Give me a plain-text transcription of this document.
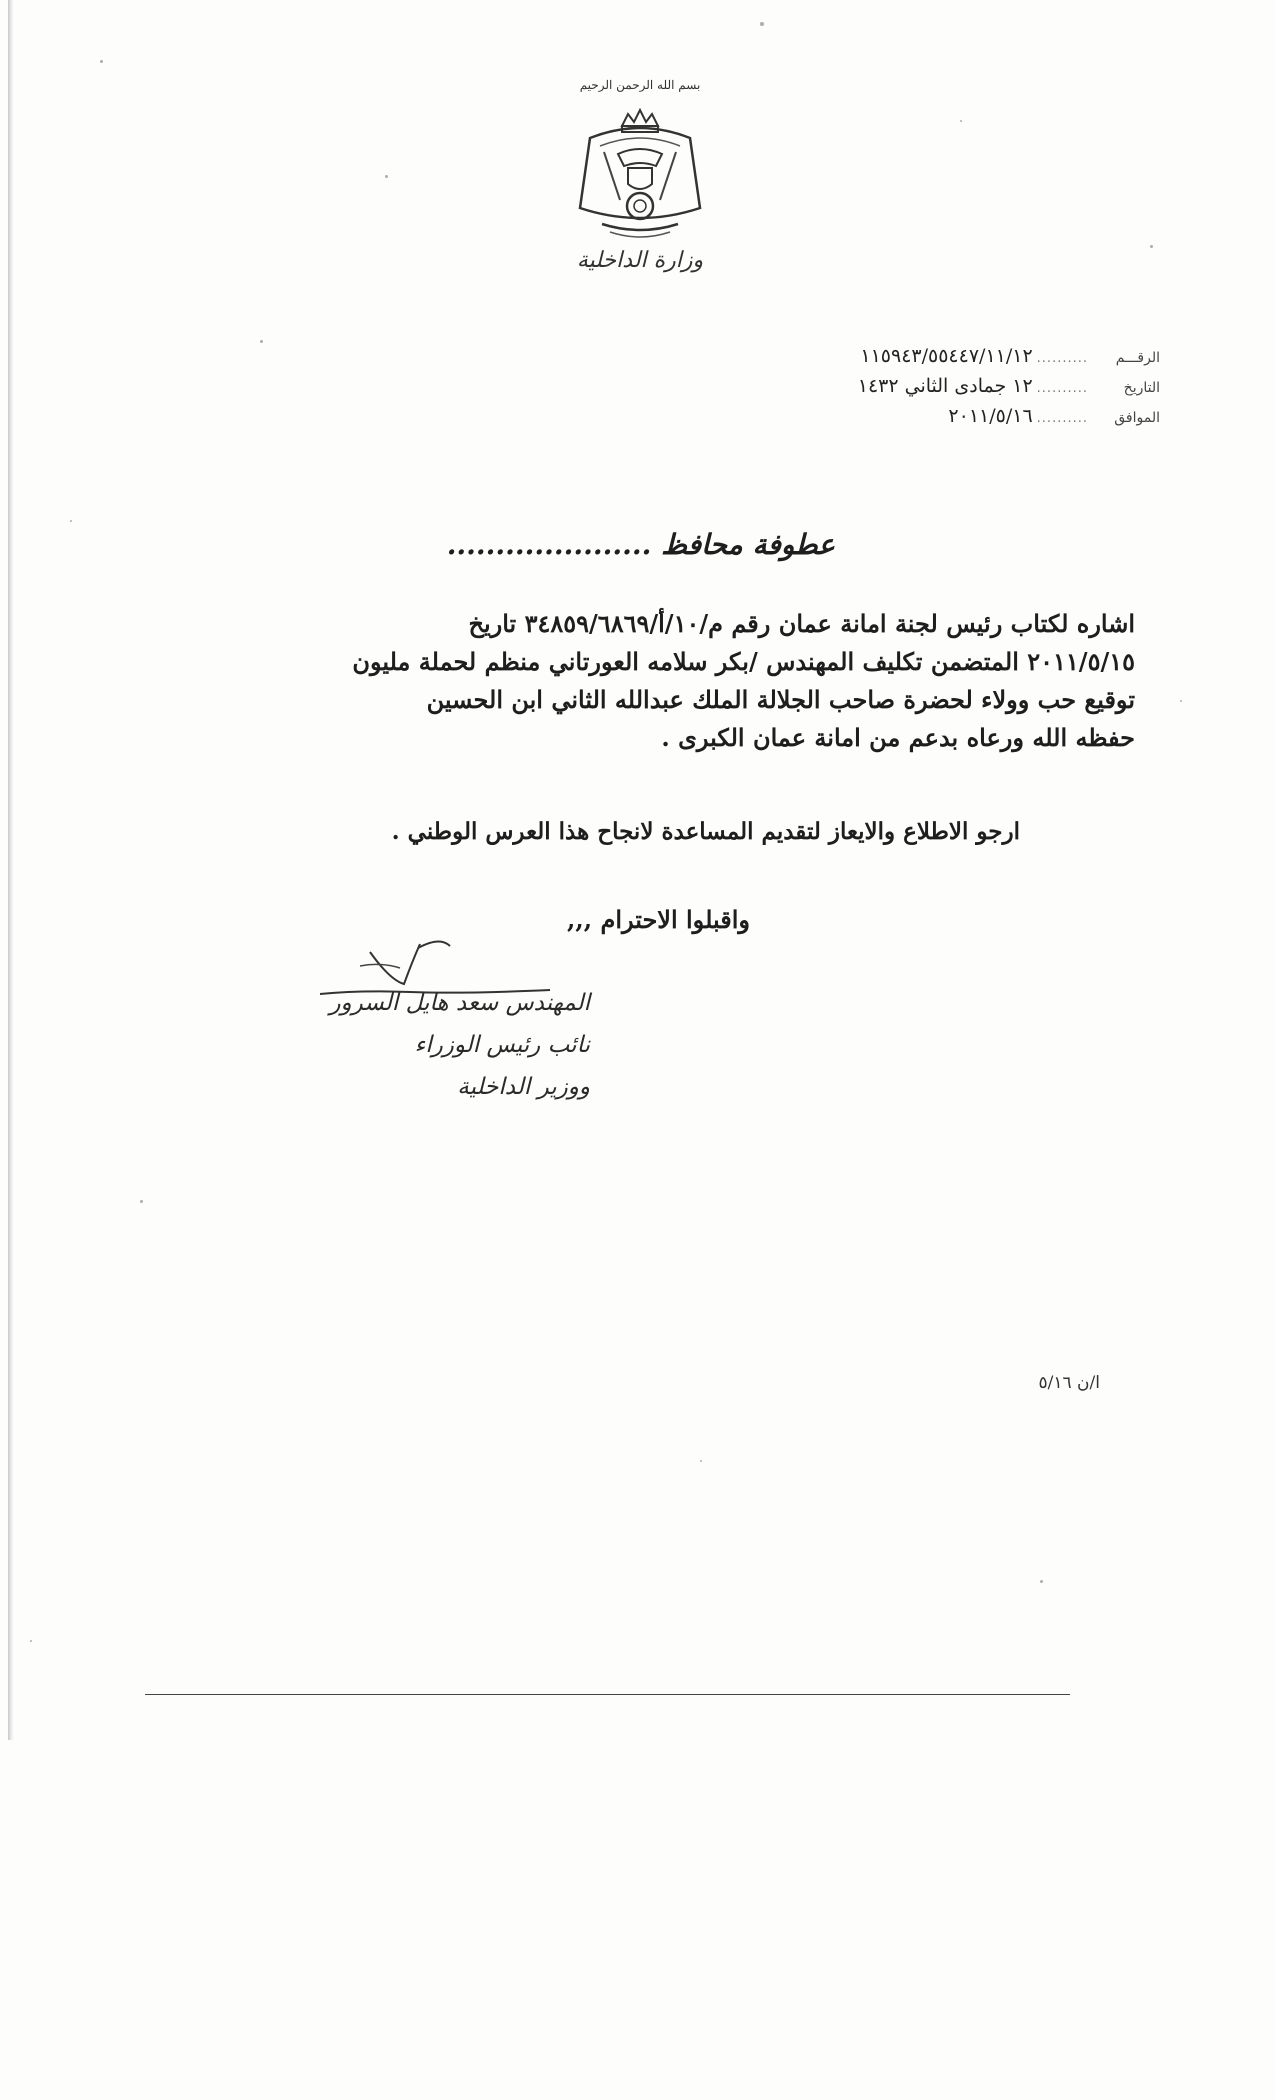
بسم الله الرحمن الرحيم
وزارة الداخلية
الرقـــم
..........
١١٥٩٤٣/٥٥٤٤٧/١١/١٢
التاريخ
..........
١٢ جمادى الثاني ١٤٣٢
الموافق
..........
٢٠١١/٥/١٦
عطوفة محافظ .....................
اشاره لكتاب رئيس لجنة امانة عمان رقم م/١٠/أ/٣٤٨٥٩/٦٨٦٩ تاريخ
٢٠١١/٥/١٥ المتضمن تكليف المهندس /بكر سلامه العورتاني منظم لحملة مليون
توقيع حب وولاء لحضرة صاحب الجلالة الملك عبدالله الثاني ابن الحسين
حفظه الله ورعاه بدعم من امانة عمان الكبرى .
ارجو الاطلاع والايعاز لتقديم المساعدة لانجاح هذا العرس الوطني .
واقبلوا الاحترام ,,,
المهندس سعد هايل السرور
نائب رئيس الوزراء
ووزير الداخلية
ا/ن ٥/١٦
